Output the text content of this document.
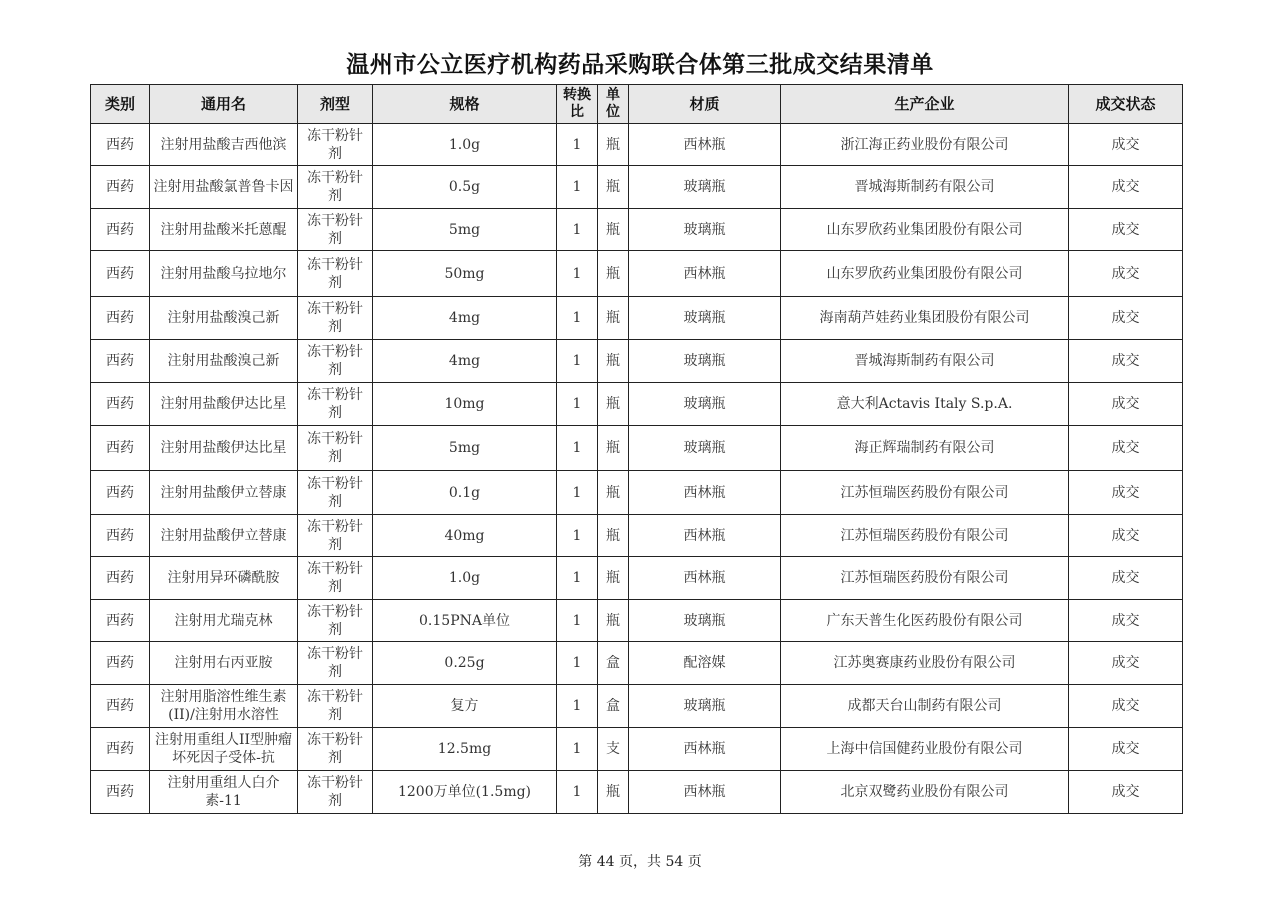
温州市公立医疗机构药品采购联合体第三批成交结果清单
类别	通用名	剂型	规格	转换比	单位	材质	生产企业	成交状态
西药	注射用盐酸吉西他滨	冻干粉针剂	1.0g	1	瓶	西林瓶	浙江海正药业股份有限公司	成交
西药	注射用盐酸氯普鲁卡因	冻干粉针剂	0.5g	1	瓶	玻璃瓶	晋城海斯制药有限公司	成交
西药	注射用盐酸米托蒽醌	冻干粉针剂	5mg	1	瓶	玻璃瓶	山东罗欣药业集团股份有限公司	成交
西药	注射用盐酸乌拉地尔	冻干粉针剂	50mg	1	瓶	西林瓶	山东罗欣药业集团股份有限公司	成交
西药	注射用盐酸溴己新	冻干粉针剂	4mg	1	瓶	玻璃瓶	海南葫芦娃药业集团股份有限公司	成交
西药	注射用盐酸溴己新	冻干粉针剂	4mg	1	瓶	玻璃瓶	晋城海斯制药有限公司	成交
西药	注射用盐酸伊达比星	冻干粉针剂	10mg	1	瓶	玻璃瓶	意大利Actavis Italy S.p.A.	成交
西药	注射用盐酸伊达比星	冻干粉针剂	5mg	1	瓶	玻璃瓶	海正辉瑞制药有限公司	成交
西药	注射用盐酸伊立替康	冻干粉针剂	0.1g	1	瓶	西林瓶	江苏恒瑞医药股份有限公司	成交
西药	注射用盐酸伊立替康	冻干粉针剂	40mg	1	瓶	西林瓶	江苏恒瑞医药股份有限公司	成交
西药	注射用异环磷酰胺	冻干粉针剂	1.0g	1	瓶	西林瓶	江苏恒瑞医药股份有限公司	成交
西药	注射用尤瑞克林	冻干粉针剂	0.15PNA单位	1	瓶	玻璃瓶	广东天普生化医药股份有限公司	成交
西药	注射用右丙亚胺	冻干粉针剂	0.25g	1	盒	配溶媒	江苏奥赛康药业股份有限公司	成交
西药	注射用脂溶性维生素(II)/注射用水溶性	冻干粉针剂	复方	1	盒	玻璃瓶	成都天台山制药有限公司	成交
西药	注射用重组人II型肿瘤坏死因子受体-抗	冻干粉针剂	12.5mg	1	支	西林瓶	上海中信国健药业股份有限公司	成交
西药	注射用重组人白介素-11	冻干粉针剂	1200万单位(1.5mg)	1	瓶	西林瓶	北京双鹭药业股份有限公司	成交
第 44 页，共 54 页
